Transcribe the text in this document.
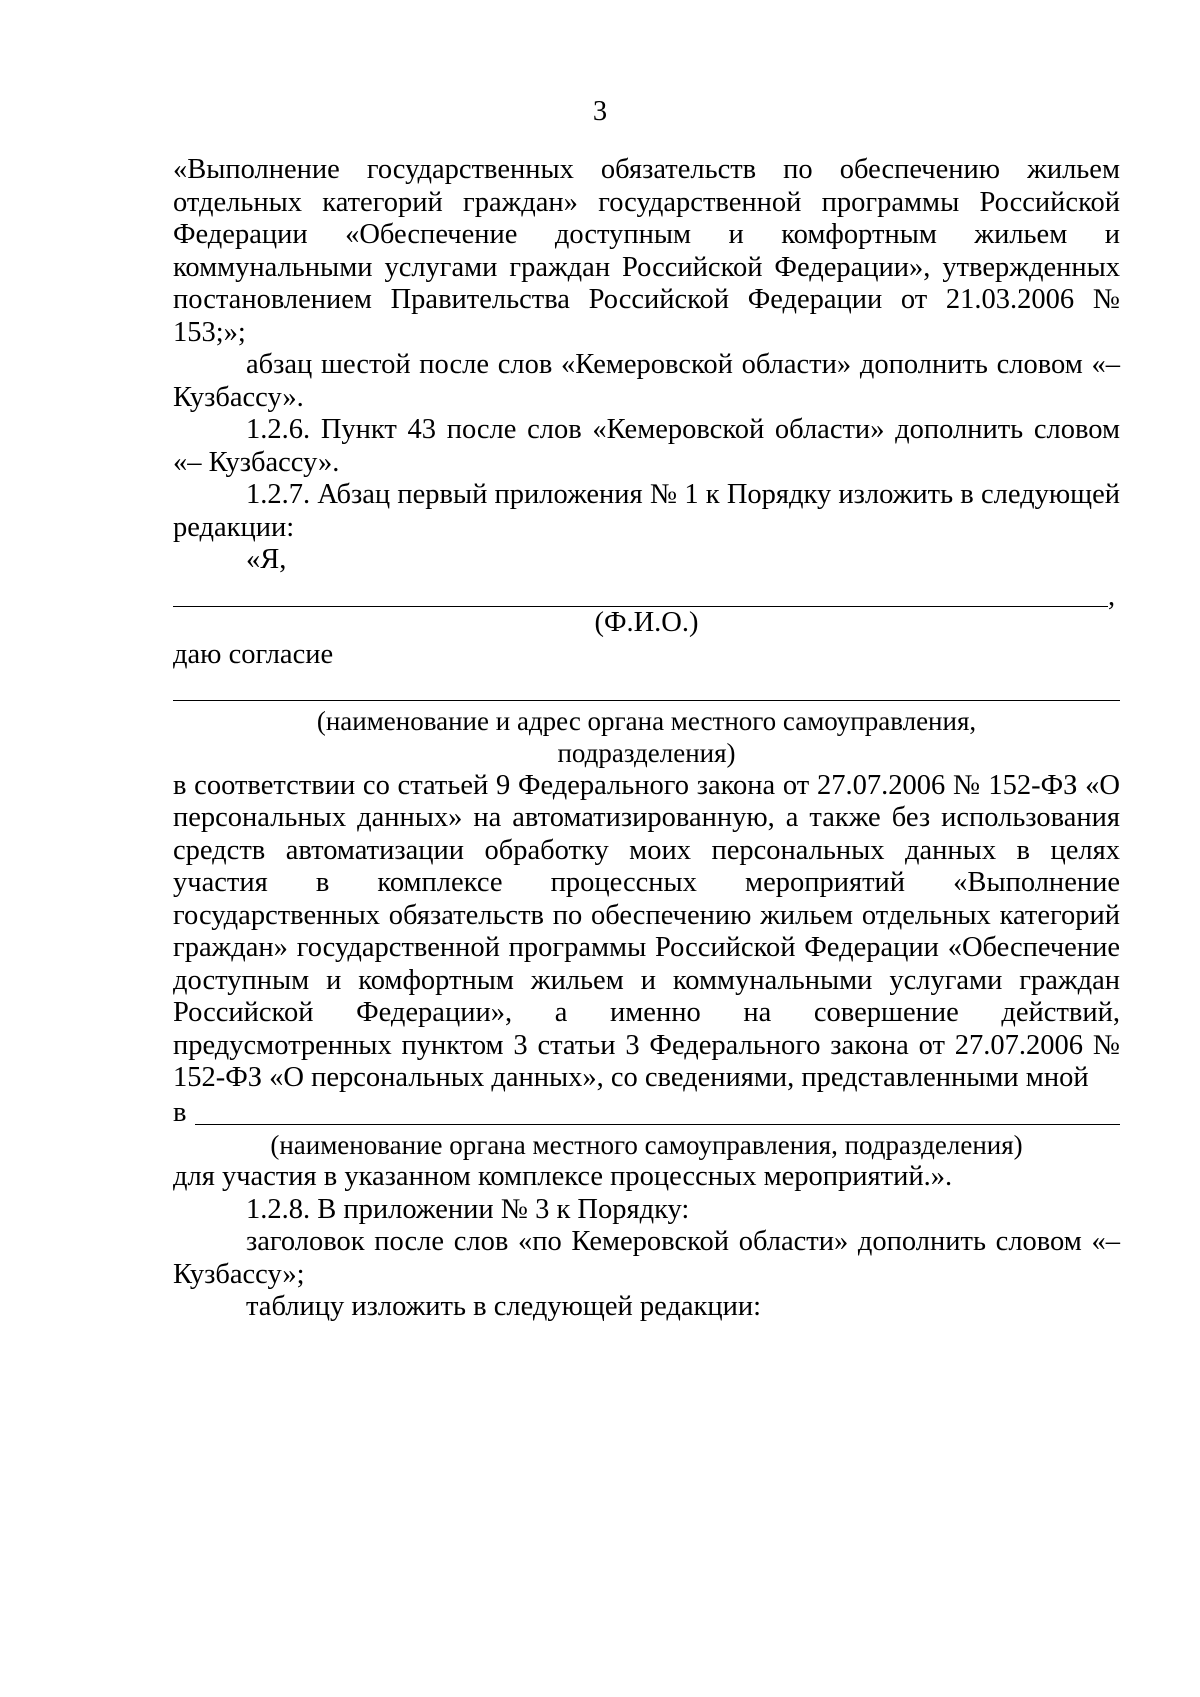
3

«Выполнение государственных обязательств по обеспечению жильем отдельных категорий граждан» государственной программы Российской Федерации «Обеспечение доступным и комфортным жильем и коммунальными услугами граждан Российской Федерации», утвержденных постановлением Правительства Российской Федерации от 21.03.2006 № 153;»;

абзац шестой после слов «Кемеровской области» дополнить словом «– Кузбассу».

1.2.6. Пункт 43 после слов «Кемеровской области» дополнить словом «– Кузбассу».

1.2.7. Абзац первый приложения № 1 к Порядку изложить в следующей редакции:

«Я,

,

(Ф.И.О.)

даю согласие

(наименование и адрес органа местного самоуправления,

подразделения)

в соответствии со статьей 9 Федерального закона от 27.07.2006 № 152-ФЗ «О персональных данных» на автоматизированную, а также без использования средств автоматизации обработку моих персональных данных в целях участия в комплексе процессных мероприятий «Выполнение государственных обязательств по обеспечению жильем отдельных категорий граждан» государственной программы Российской Федерации «Обеспечение доступным и комфортным жильем и коммунальными услугами граждан Российской Федерации», а именно на совершение действий, предусмотренных пунктом 3 статьи 3 Федерального закона от 27.07.2006 № 152-ФЗ «О персональных данных», со сведениями, представленными мной

в

(наименование органа местного самоуправления, подразделения)

для участия в указанном комплексе процессных мероприятий.».

1.2.8. В приложении № 3 к Порядку:

заголовок после слов «по Кемеровской области» дополнить словом «– Кузбассу»;

таблицу изложить в следующей редакции:
